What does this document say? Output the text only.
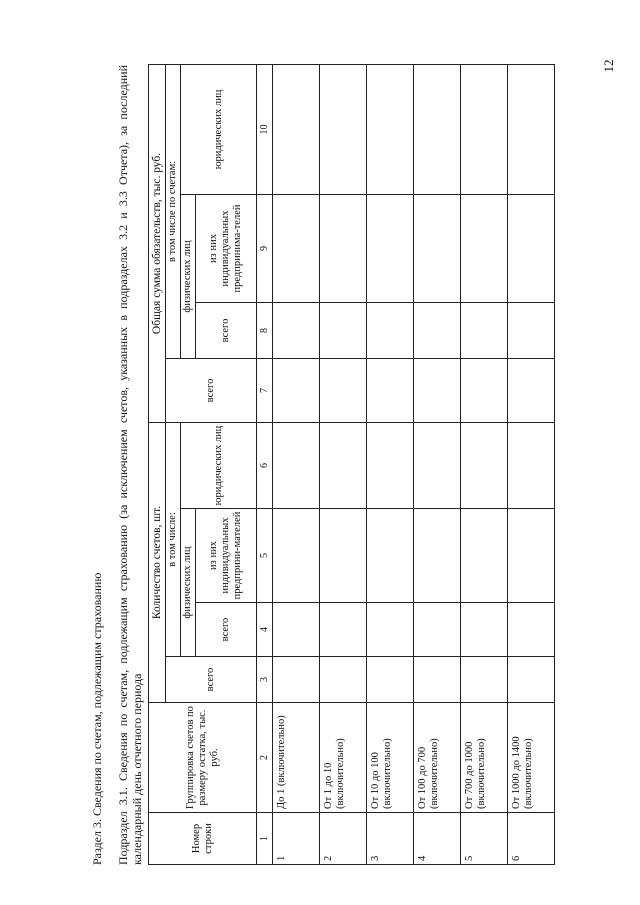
12
Раздел 3. Сведения по счетам, подлежащим страхованию Подраздел 3.1. Сведения по счетам, подлежащим страхованию (за исключением счетов, указанных в подразделах 3.2 и 3.3 Отчета), за последний календарный день отчетного периода	Номер строки	Группировка счетов по размеру остатка, тыс. руб.	Количество счетов, шт.				Общая сумма обязательств, тыс. руб.			
		всего	в том числе:			всего	в том числе по счетам:		
			физических лиц		юридических лиц		физических лиц		юридических лиц
			всего	из них индивидуальных предприни-мателей			всего	из них индивидуальных предпринима-телей	
1	2	3	4	5	6	7	8	9	10
1	До 1 (включительно)								
2	От 1 до 10 (включительно)								
3	От 10 до 100 (включительно)								
4	От 100 до 700 (включительно)								
5	От 700 до 1000 (включительно)								
6	От 1000 до 1400 (включительно)								
